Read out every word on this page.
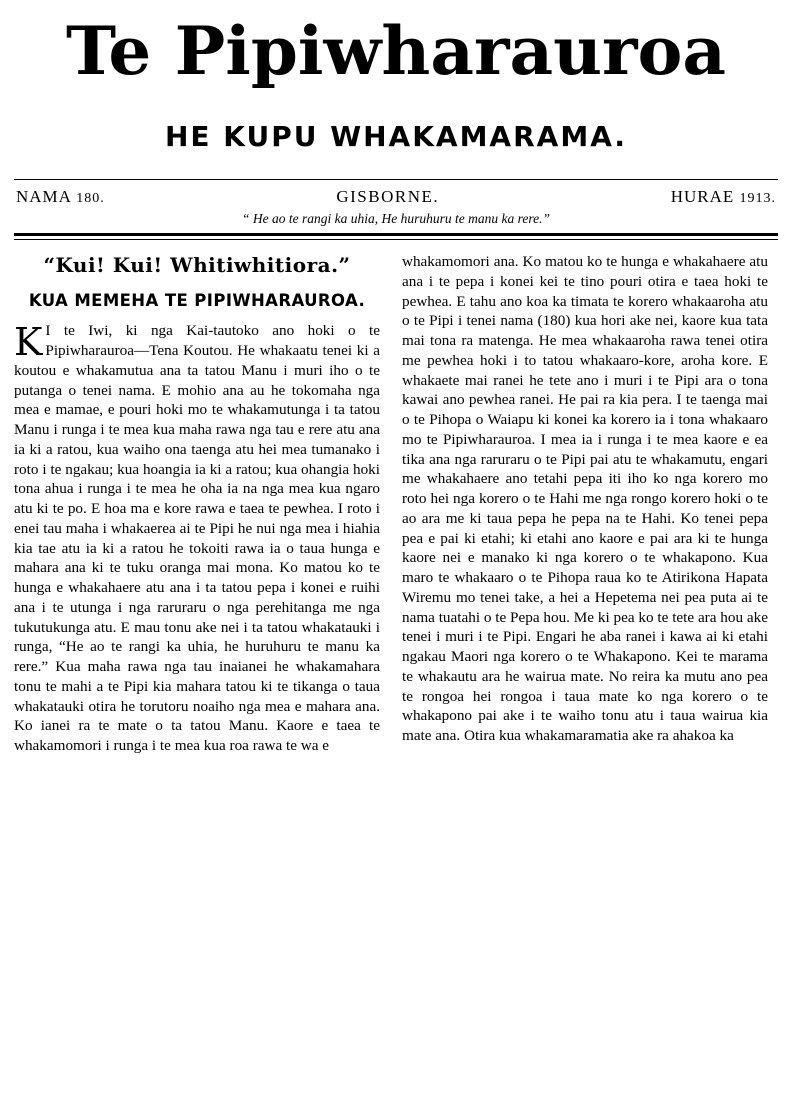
Te Pipiwharauroa
HE KUPU WHAKAMARAMA.
NAMA 180.	GISBORNE.	HURAE 1913.
“ He ao te rangi ka uhia, He huruhuru te manu ka rere.”
“Kui! Kui! Whitiwhitiora.”
KUA MEMEHA TE PIPIWHARAUROA.

K I te Iwi, ki nga Kai-tautoko ano hoki o te Pipiwharauroa—Tena Koutou. He whakaatu tenei ki a koutou e whakamutua ana ta tatou Manu i muri iho o te putanga o tenei nama. E mohio ana au he tokomaha nga mea e mamae, e pouri hoki mo te whakamutunga i ta tatou Manu i runga i te mea kua maha rawa nga tau e rere atu ana ia ki a ratou, kua waiho ona taenga atu hei mea tumanako i roto i te ngakau; kua hoangia ia ki a ratou; kua ohangia hoki tona ahua i runga i te mea he oha ia na nga mea kua ngaro atu ki te po. E hoa ma e kore rawa e taea te pewhea. I roto i enei tau maha i whakaerea ai te Pipi he nui nga mea i hiahia kia tae atu ia ki a ratou he tokoiti rawa ia o taua hunga e mahara ana ki te tuku oranga mai mona. Ko matou ko te hunga e whakahaere atu ana i ta tatou pepa i konei e ruihi ana i te utunga i nga raruraru o nga perehitanga me nga tukutukunga atu. E mau tonu ake nei i ta tatou whakatauki i runga, “He ao te rangi ka uhia, he huruhuru te manu ka rere.” Kua maha rawa nga tau inaianei he whakamahara tonu te mahi a te Pipi kia mahara tatou ki te tikanga o taua whakatauki otira he torutoru noaiho nga mea e mahara ana. Ko ianei ra te mate o ta tatou Manu. Kaore e taea te whakamomori i runga i te mea kua roa rawa te wa e

whakamomori ana. Ko matou ko te hunga e whakahaere atu ana i te pepa i konei kei te tino pouri otira e taea hoki te pewhea. E tahu ano koa ka timata te korero whakaaroha atu o te Pipi i tenei nama (180) kua hori ake nei, kaore kua tata mai tona ra matenga. He mea whakaaroha rawa tenei otira me pewhea hoki i to tatou whakaaro-kore, aroha kore. E whakaete mai ranei he tete ano i muri i te Pipi ara o tona kawai ano pewhea ranei. He pai ra kia pera. I te taenga mai o te Pihopa o Waiapu ki konei ka korero ia i tona whakaaro mo te Pipiwharauroa. I mea ia i runga i te mea kaore e ea tika ana nga raruraru o te Pipi pai atu te whakamutu, engari me whakahaere ano tetahi pepa iti iho ko nga korero mo roto hei nga korero o te Hahi me nga rongo korero hoki o te ao ara me ki taua pepa he pepa na te Hahi. Ko tenei pepa pea e pai ki etahi; ki etahi ano kaore e pai ara ki te hunga kaore nei e manako ki nga korero o te whakapono. Kua maro te whakaaro o te Pihopa raua ko te Atirikona Hapata Wiremu mo tenei take, a hei a Hepetema nei pea puta ai te nama tuatahi o te Pepa hou. Me ki pea ko te tete ara hou ake tenei i muri i te Pipi. Engari he aba ranei i kawa ai ki etahi ngakau Maori nga korero o te Whakapono. Kei te marama te whakautu ara he wairua mate. No reira ka mutu ano pea te rongoa hei rongoa i taua mate ko nga korero o te whakapono pai ake i te waiho tonu atu i taua wairua kia mate ana. Otira kua whakamaramatia ake ra ahakoa ka
